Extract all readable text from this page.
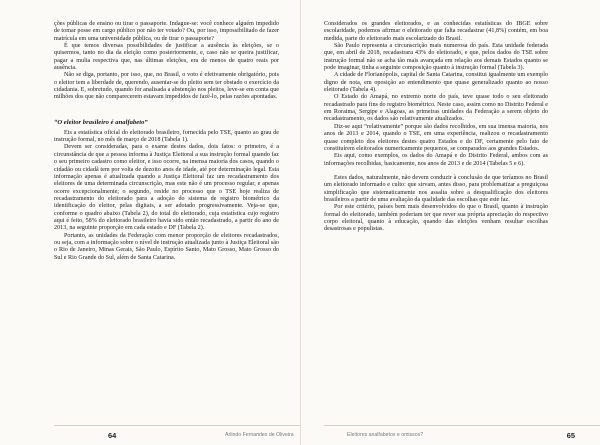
ções públicas de ensino ou tirar o passaporte. Indague-se: você conhece alguém impedido de tomar posse em cargo público por não ter votado? Ou, por isso, impossibilitado de fazer matrícula em uma universidade pública, ou de tirar o passaporte?

É que temos diversas possibilidades de justificar a ausência às eleições, se o quisermos, tanto no dia da eleição como posteriormente, e, caso não se queira justificar, pagar a multa respectiva que, nas últimas eleições, era de menos de quatro reais por ausência.

Não se diga, portanto, por isso, que, no Brasil, o voto é efetivamente obrigatório, pois o eleitor tem a liberdade de, querendo, ausentar-se do pleito sem ter obstado o exercício da cidadania. E, sobretudo, quando for analisada a abstenção nos pleitos, leve-se em conta que milhões dos que não comparecerem estavam impedidos de fazê-lo, pelas razões apontadas.

“O eleitor brasileiro é analfabeto”

Eis a estatística oficial do eleitorado brasileiro, fornecida pelo TSE, quanto ao grau de instrução formal, no mês de março de 2018 (Tabela 1).

Devem ser consideradas, para o exame destes dados, dois fatos: o primeiro, é a circunstância de que a pessoa informa à Justiça Eleitoral a sua instrução formal quando faz o seu primeiro cadastro como eleitor, e isso ocorre, na imensa maioria dos casos, quando o cidadão ou cidadã tem por volta de dezoito anos de idade, até por determinação legal. Esta informação apenas é atualizada quando a Justiça Eleitoral faz um recadastramento dos eleitores de uma determinada circunscrição, mas este não é um processo regular, e apenas ocorre excepcionalmente; o segundo, reside no processo que o TSE hoje realiza de recadastramento do eleitorado para a adoção do sistema de registro biométrico da identificação do eleitor, pelas digitais, a ser adotado progressivamente. Veja-se que, conforme o quadro abaixo (Tabela 2), do total do eleitorado, cuja estatística cujo registro aqui é feito, 58% do eleitorado brasileiro havia sido então recadastrado, a partir do ano de 2013, na seguinte proporção em cada estado e DF (Tabela 2).

Portanto, as unidades da Federação com menor proporção de eleitores recadastrados, ou seja, com a informação sobre o nível de instrução atualizada junto à Justiça Eleitoral são o Rio de Janeiro, Minas Gerais, São Paulo, Espírito Santo, Mato Grosso, Mato Grosso do Sul e Rio Grande do Sul, além de Santa Catarina.

64	Arlindo Fernandes de Oliveira

Considerados os grandes eleitorados, e as conhecidas estatísticas do IBGE sobre escolaridade, podemos afirmar o eleitorado que falta recadastrar (41,8%) contém, em boa medida, parte do eleitorado mais escolarizado do Brasil.

São Paulo representa a circunscrição mais numerosa do país. Esta unidade federada que, em abril de 2018, recadastrara 43% do eleitorado, e que, pelos dados do TSE sobre instrução formal não se acha tão mais avançada em relação aos demais Estados quanto se pode imaginar, tinha a seguinte composição quanto à instrução formal (Tabela 3).

A cidade de Florianópolis, capital de Santa Catarina, constitui igualmente um exemplo digno de nota, em oposição ao entendimento que quase generalizado quanto ao nosso eleitorado (Tabela 4).

O Estado do Amapá, no extremo norte do país, teve quase todo o seu eleitorado recadastrado para fins do registro biométrico. Neste caso, assim como no Distrito Federal e em Roraima, Sergipe e Alagoas, as primeiras unidades da Federação a serem objeto do recadastramento, os dados são relativamente atualizados.

Diz-se aqui “relativamente” porque são dados recolhidos, em sua imensa maioria, nos anos de 2013 e 2014, quando o TSE, em uma experiência, realizou o recadastramento quase completo dos eleitores destes quatro Estados e do DF, certamente pelo fato de constituírem eleitorados numericamente pequenos, se comparados aos grandes Estados.

Eis aqui, como exemplos, os dados do Amapá e do Distrito Federal, ambos com as informações recolhidas, basicamente, nos anos de 2013 e de 2014 (Tabelas 5 e 6).

Estes dados, naturalmente, não devem conduzir à conclusão de que teríamos no Brasil um eleitorado informado e culto: que sirvam, antes disso, para problematizar a preguiçosa simplificação que sistematicamente nos assalta sobre a desqualificação dos eleitores brasileiros a partir de uma avaliação da qualidade das escolhas que este faz.

Por este critério, países bem mais desenvolvidos do que o Brasil, quanto à instrução formal do eleitorado, também poderiam ter que rever sua própria apreciação do respectivo corpo eleitoral, quanto à educação, quando das eleições venham resultar escolhas desastrosas e populistas.

Eleitores analfabetos e omissos?	65
